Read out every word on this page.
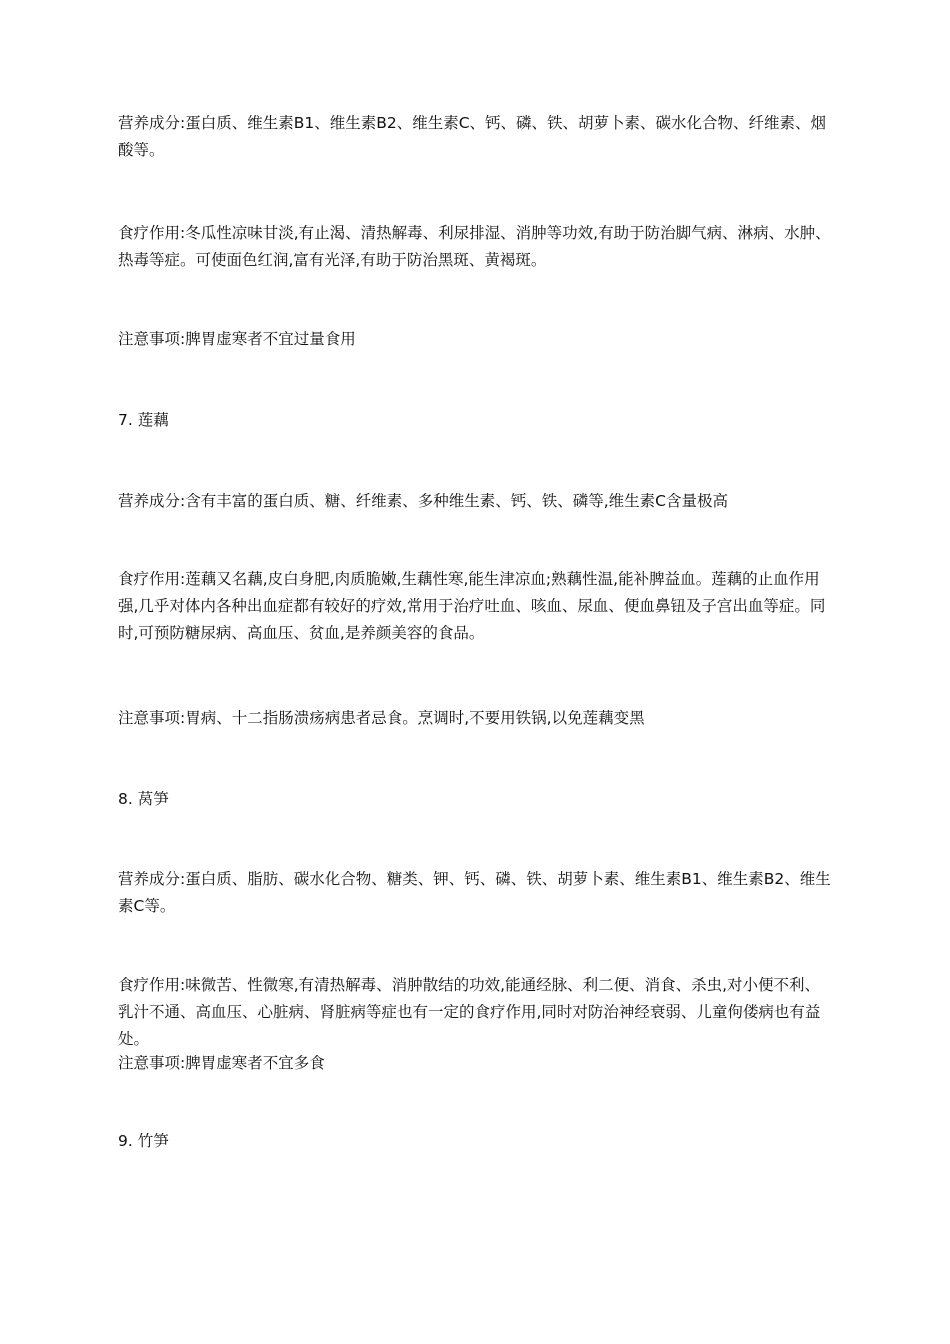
营养成分:蛋白质、维生素B1、维生素B2、维生素C、钙、磷、铁、胡萝卜素、碳水化合物、纤维素、烟酸等。

食疗作用:冬瓜性凉味甘淡,有止渴、清热解毒、利尿排湿、消肿等功效,有助于防治脚气病、淋病、水肿、热毒等症。可使面色红润,富有光泽,有助于防治黑斑、黄褐斑。

注意事项:脾胃虚寒者不宜过量食用

7. 莲藕

营养成分:含有丰富的蛋白质、糖、纤维素、多种维生素、钙、铁、磷等,维生素C含量极高

食疗作用:莲藕又名藕,皮白身肥,肉质脆嫩,生藕性寒,能生津凉血;熟藕性温,能补脾益血。莲藕的止血作用强,几乎对体内各种出血症都有较好的疗效,常用于治疗吐血、咳血、尿血、便血鼻钮及子宫出血等症。同时,可预防糖尿病、高血压、贫血,是养颜美容的食品。

注意事项:胃病、十二指肠溃疡病患者忌食。烹调时,不要用铁锅,以免莲藕变黑

8. 莴笋

营养成分:蛋白质、脂肪、碳水化合物、糖类、钾、钙、磷、铁、胡萝卜素、维生素B1、维生素B2、维生素C等。

食疗作用:味微苦、性微寒,有清热解毒、消肿散结的功效,能通经脉、利二便、消食、杀虫,对小便不利、乳汁不通、高血压、心脏病、肾脏病等症也有一定的食疗作用,同时对防治神经衰弱、儿童佝偻病也有益处。

注意事项:脾胃虚寒者不宜多食

9. 竹笋
